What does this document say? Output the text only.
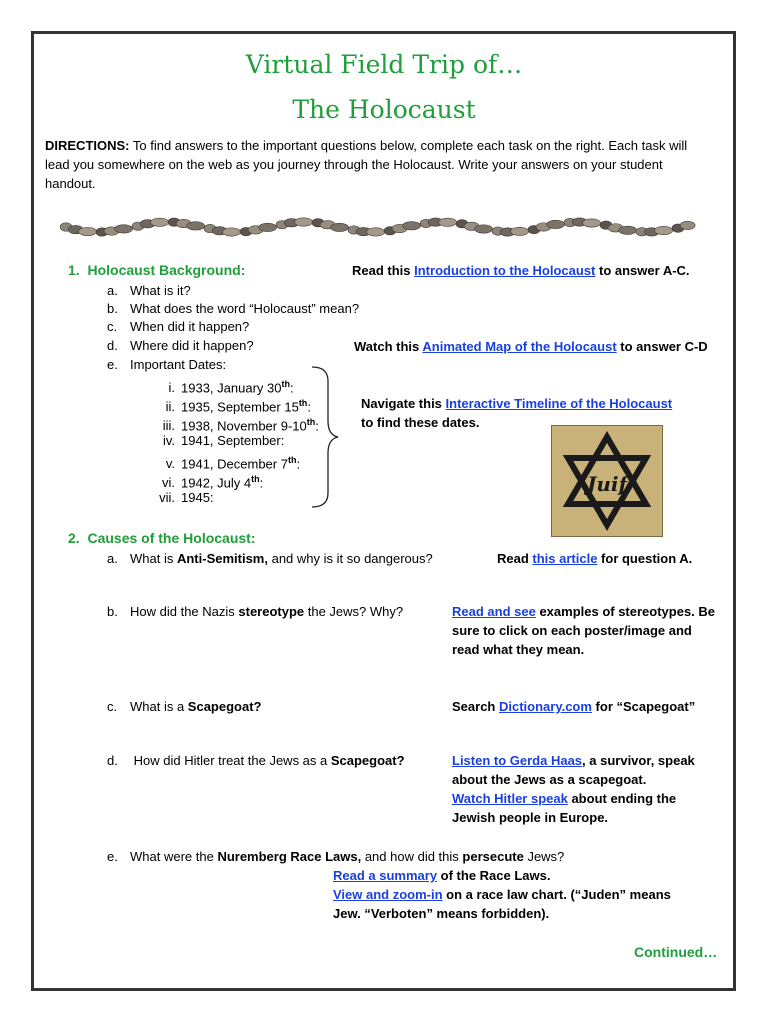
Virtual Field Trip of…
The Holocaust
DIRECTIONS: To find answers to the important questions below, complete each task on the right. Each task will lead you somewhere on the web as you journey through the Holocaust. Write your answers on your student handout.
1. Holocaust Background:	Read this Introduction to the Holocaust to answer A-C.
a. What is it?
b. What does the word “Holocaust” mean?
c. When did it happen?
d. Where did it happen?	Watch this Animated Map of the Holocaust to answer C-D
e. Important Dates:
i. 1933, January 30th:
ii. 1935, September 15th:
iii. 1938, November 9-10th:
iv. 1941, September:
v. 1941, December 7th:
vi. 1942, July 4th:
vii. 1945:
Navigate this Interactive Timeline of the Holocaust
to find these dates.
Juif
2. Causes of the Holocaust:
a. What is Anti-Semitism, and why is it so dangerous?	Read this article for question A.
b. How did the Nazis stereotype the Jews? Why?	Read and see examples of stereotypes. Be
sure to click on each poster/image and
read what they mean.
c. What is a Scapegoat?	Search Dictionary.com for “Scapegoat”
d. How did Hitler treat the Jews as a Scapegoat?	Listen to Gerda Haas, a survivor, speak
about the Jews as a scapegoat.
Watch Hitler speak about ending the
Jewish people in Europe.
e. What were the Nuremberg Race Laws, and how did this persecute Jews?
Read a summary of the Race Laws.
View and zoom-in on a race law chart. (“Juden” means
Jew. “Verboten” means forbidden).
Continued…
